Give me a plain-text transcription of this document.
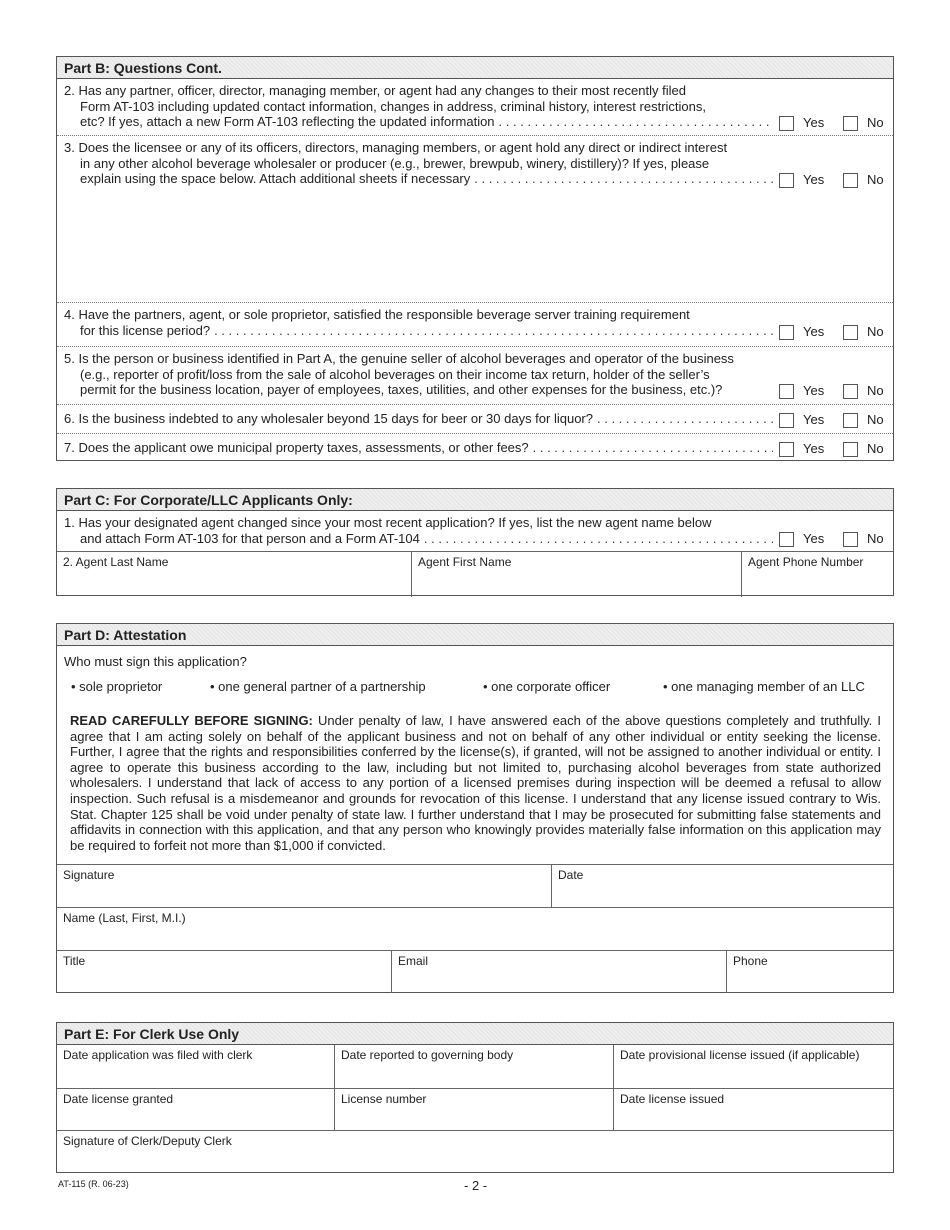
Part B: Questions Cont.
2. Has any partner, officer, director, managing member, or agent had any changes to their most recently filed
Form AT-103 including updated contact information, changes in address, criminal history, interest restrictions,
etc? If yes, attach a new Form AT-103 reflecting the updated information . . .	Yes	No
3. Does the licensee or any of its officers, directors, managing members, or agent hold any direct or indirect interest
in any other alcohol beverage wholesaler or producer (e.g., brewer, brewpub, winery, distillery)? If yes, please
explain using the space below. Attach additional sheets if necessary . . .	Yes	No
4. Have the partners, agent, or sole proprietor, satisfied the responsible beverage server training requirement
for this license period? . . .	Yes	No
5. Is the person or business identified in Part A, the genuine seller of alcohol beverages and operator of the business
(e.g., reporter of profit/loss from the sale of alcohol beverages on their income tax return, holder of the seller’s
permit for the business location, payer of employees, taxes, utilities, and other expenses for the business, etc.)?	Yes	No
6. Is the business indebted to any wholesaler beyond 15 days for beer or 30 days for liquor? . . .	Yes	No
7. Does the applicant owe municipal property taxes, assessments, or other fees? . . .	Yes	No
Part C: For Corporate/LLC Applicants Only:
1. Has your designated agent changed since your most recent application? If yes, list the new agent name below
and attach Form AT-103 for that person and a Form AT-104 . . .	Yes	No
2. Agent Last Name	Agent First Name	Agent Phone Number
Part D: Attestation
Who must sign this application?
• sole proprietor	• one general partner of a partnership	• one corporate officer	• one managing member of an LLC
READ CAREFULLY BEFORE SIGNING: Under penalty of law, I have answered each of the above questions completely and truthfully. I agree that I am acting solely on behalf of the applicant business and not on behalf of any other individual or entity seeking the license. Further, I agree that the rights and responsibilities conferred by the license(s), if granted, will not be assigned to another individual or entity. I agree to operate this business according to the law, including but not limited to, purchasing alcohol beverages from state authorized wholesalers. I understand that lack of access to any portion of a licensed premises during inspection will be deemed a refusal to allow inspection. Such refusal is a misdemeanor and grounds for revocation of this license. I understand that any license issued contrary to Wis. Stat. Chapter 125 shall be void under penalty of state law. I further understand that I may be prosecuted for submitting false statements and affidavits in connection with this application, and that any person who knowingly provides materially false information on this application may be required to forfeit not more than $1,000 if convicted.
Signature	Date
Name (Last, First, M.I.)
Title	Email	Phone
Part E: For Clerk Use Only
Date application was filed with clerk	Date reported to governing body	Date provisional license issued (if applicable)
Date license granted	License number	Date license issued
Signature of Clerk/Deputy Clerk
AT-115 (R. 06-23)	- 2 -
